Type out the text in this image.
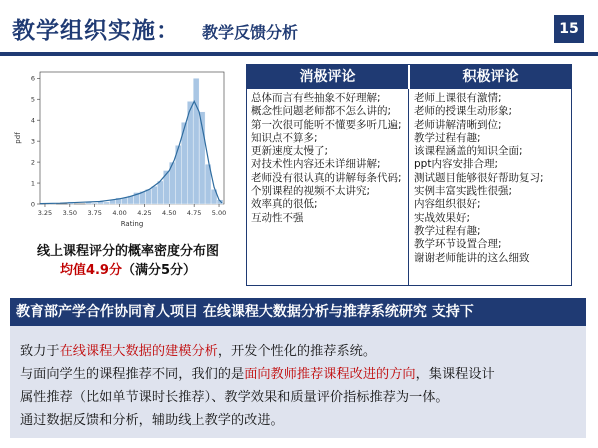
教学组织实施： 教学反馈分析	15
3.25 3.50 3.75 4.00 4.25 4.50 4.75 5.00
0
1
2
3
4
5
6
Rating
pdf
线上课程评分的概率密度分布图
均值4.9分（满分5分）
消极评论	积极评论
总体而言有些抽象不好理解;
概念性问题老师都不怎么讲的;
第一次很可能听不懂要多听几遍;
知识点不算多;
更新速度太慢了;
对技术性内容还未详细讲解;
老师没有很认真的讲解每条代码;
个别课程的视频不太讲究;
效率真的很低;
互动性不强
老师上课很有激情;
老师的授课生动形象;
老师讲解清晰到位;
教学过程有趣;
该课程涵盖的知识全面;
ppt内容安排合理;
测试题目能够很好帮助复习;
实例丰富实践性很强;
内容组织很好;
实战效果好;
教学过程有趣;
教学环节设置合理;
谢谢老师能讲的这么细致
教育部产学合作协同育人项目 在线课程大数据分析与推荐系统研究 支持下
致力于在线课程大数据的建模分析，开发个性化的推荐系统。
与面向学生的课程推荐不同，我们的是面向教师推荐课程改进的方向，集课程设计
属性推荐（比如单节课时长推荐）、教学效果和质量评价指标推荐为一体。
通过数据反馈和分析，辅助线上教学的改进。
